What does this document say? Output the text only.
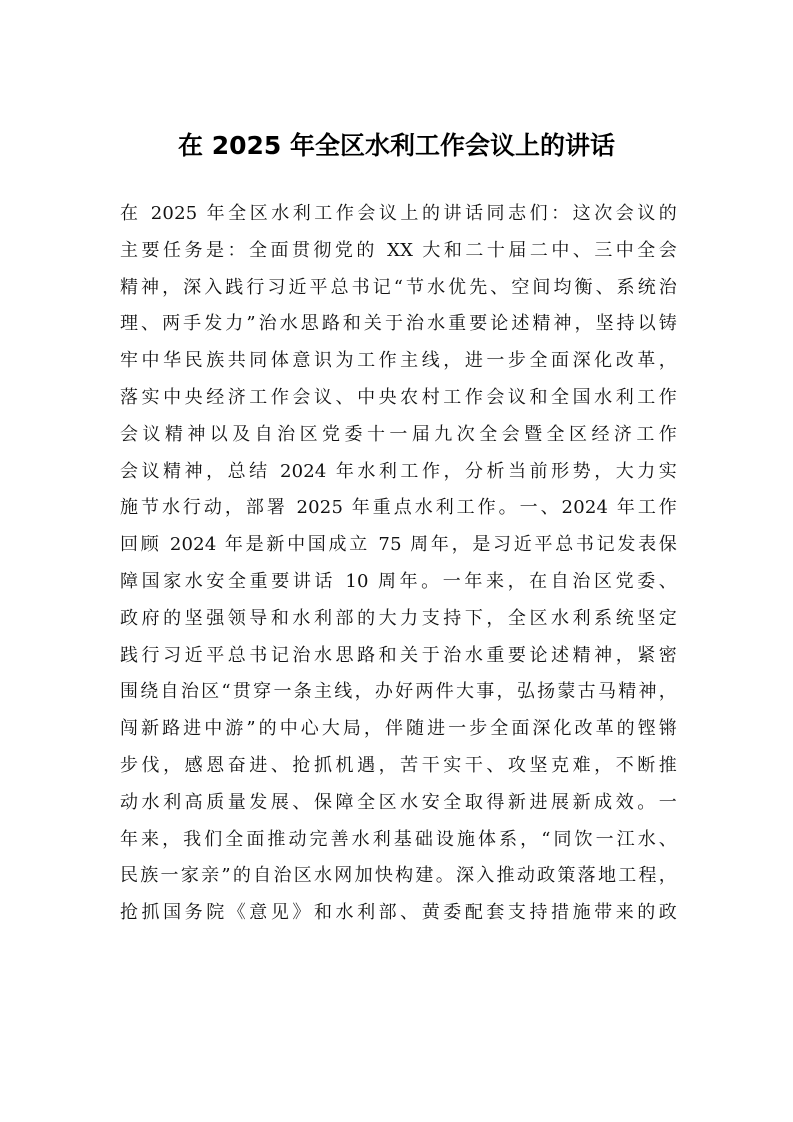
在 2025 年全区水利工作会议上的讲话
在 2025 年全区水利工作会议上的讲话同志们：这次会议的
主要任务是：全面贯彻党的 XX 大和二十届二中、三中全会
精神，深入践行习近平总书记“节水优先、空间均衡、系统治
理、两手发力”治水思路和关于治水重要论述精神，坚持以铸
牢中华民族共同体意识为工作主线，进一步全面深化改革，
落实中央经济工作会议、中央农村工作会议和全国水利工作
会议精神以及自治区党委十一届九次全会暨全区经济工作
会议精神，总结 2024 年水利工作，分析当前形势，大力实
施节水行动，部署 2025 年重点水利工作。一、2024 年工作
回顾 2024 年是新中国成立 75 周年，是习近平总书记发表保
障国家水安全重要讲话 10 周年。一年来，在自治区党委、
政府的坚强领导和水利部的大力支持下，全区水利系统坚定
践行习近平总书记治水思路和关于治水重要论述精神，紧密
围绕自治区“贯穿一条主线，办好两件大事，弘扬蒙古马精神，
闯新路进中游”的中心大局，伴随进一步全面深化改革的铿锵
步伐，感恩奋进、抢抓机遇，苦干实干、攻坚克难，不断推
动水利高质量发展、保障全区水安全取得新进展新成效。一
年来，我们全面推动完善水利基础设施体系，“同饮一江水、
民族一家亲”的自治区水网加快构建。深入推动政策落地工程，
抢抓国务院《意见》和水利部、黄委配套支持措施带来的政
